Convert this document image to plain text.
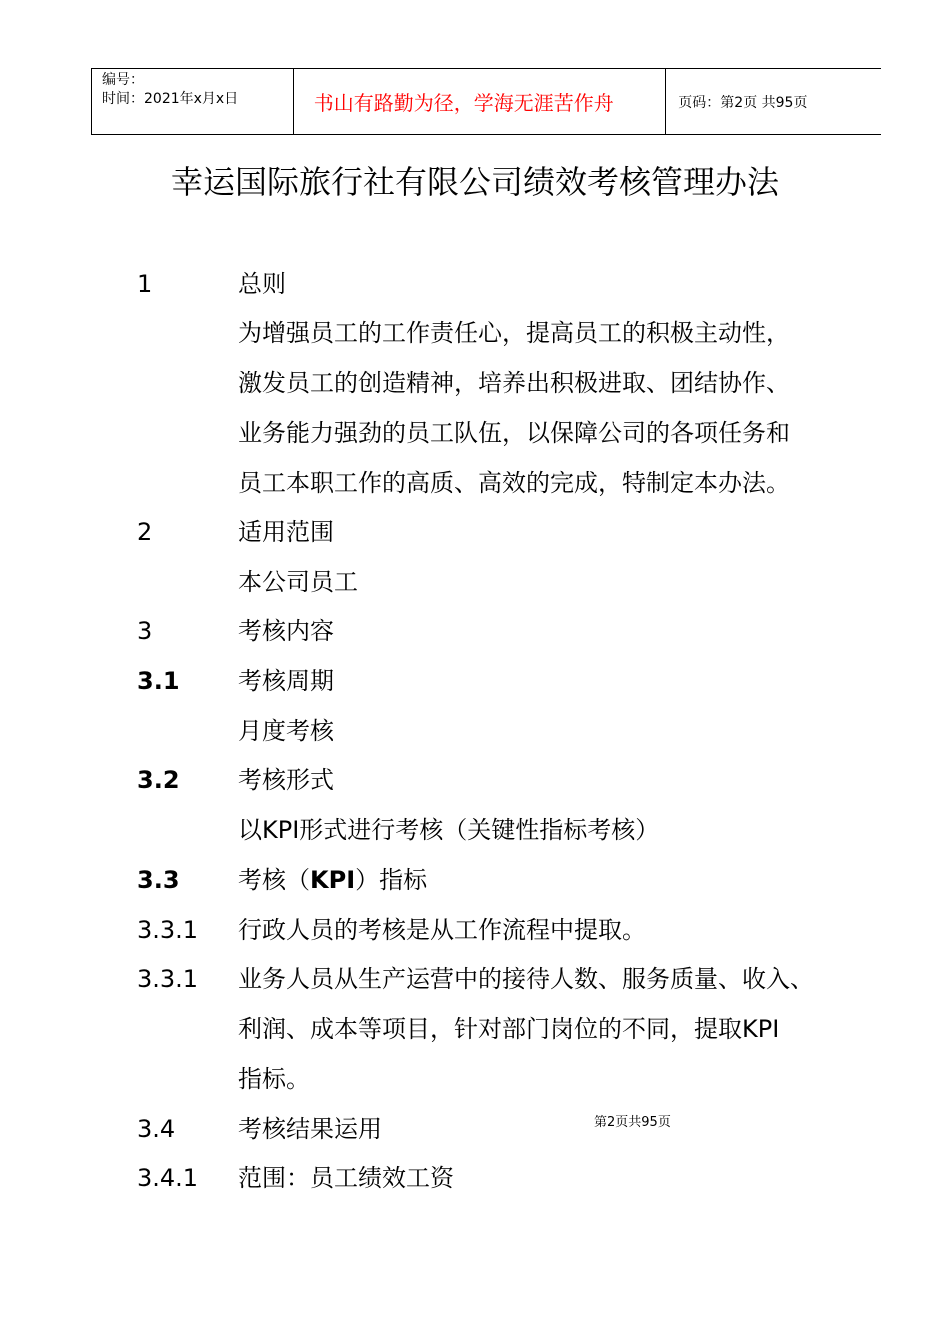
编号：
时间：2021年x月x日	书山有路勤为径，学海无涯苦作舟	页码：第2页 共95页
幸运国际旅行社有限公司绩效考核管理办法
1	总则
为增强员工的工作责任心，提高员工的积极主动性，
激发员工的创造精神，培养出积极进取、团结协作、
业务能力强劲的员工队伍，以保障公司的各项任务和
员工本职工作的高质、高效的完成，特制定本办法。
2	适用范围
本公司员工
3	考核内容
3.1 考核周期
月度考核
3.2 考核形式
以KPI形式进行考核（关键性指标考核）
3.3 考核（KPI）指标
3.3.1 行政人员的考核是从工作流程中提取。
3.3.1 业务人员从生产运营中的接待人数、服务质量、收入、
利润、成本等项目，针对部门岗位的不同，提取KPI
指标。
3.4	考核结果运用
3.4.1 范围：员工绩效工资
第2页共95页
